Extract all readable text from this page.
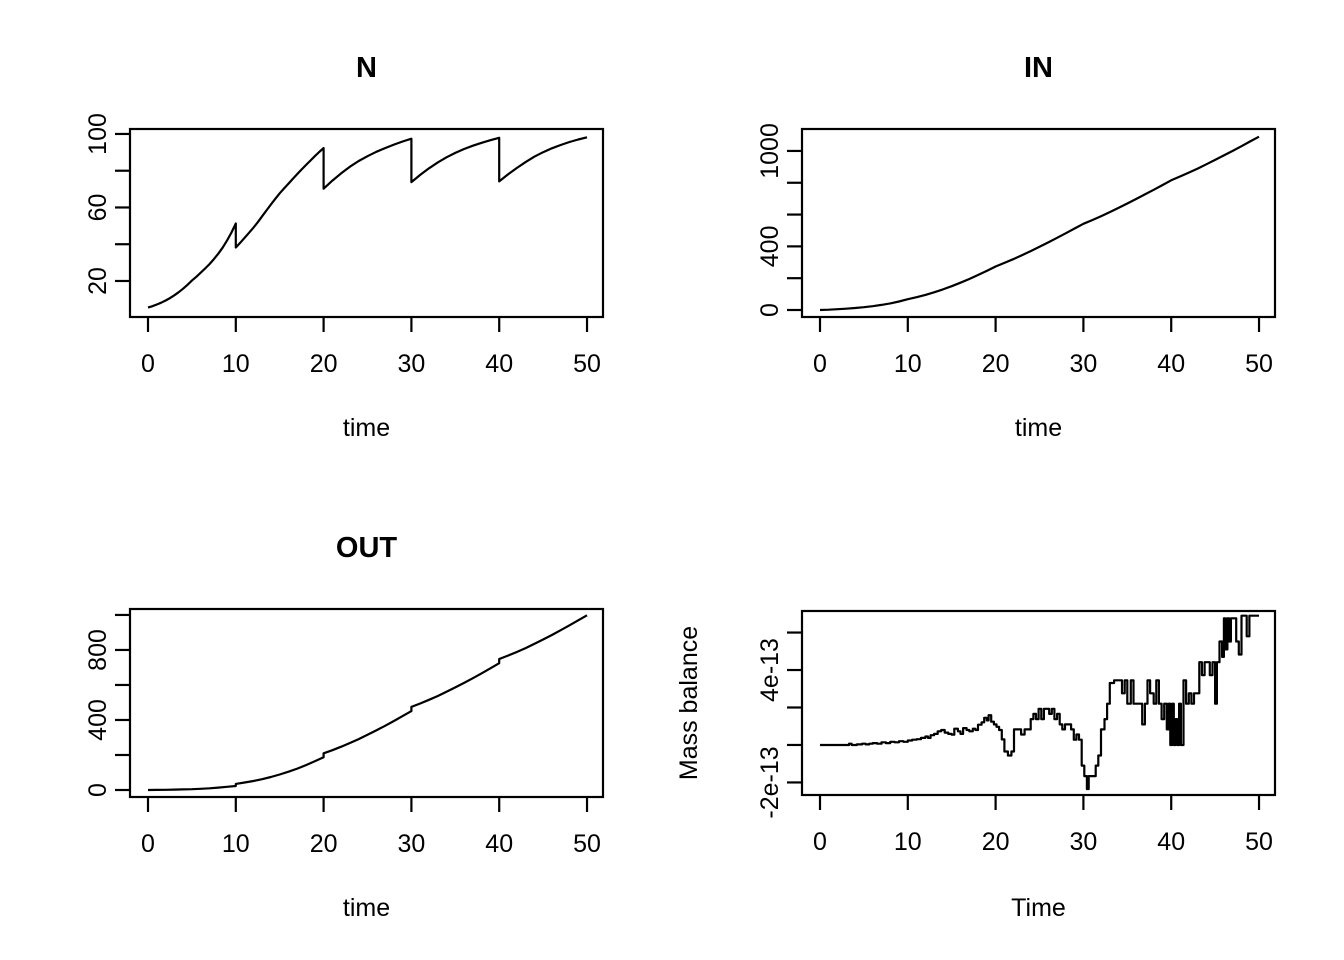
0	10 20 30 40 50
20
60
100
0	10 20 30 40 50
0
400
1000
0	10 20 30 40 50
0
400
800
0	10 20 30 40 50
-2e-13
4e-13
N	IN
OUT
time	time
time	Time
Mass balance
